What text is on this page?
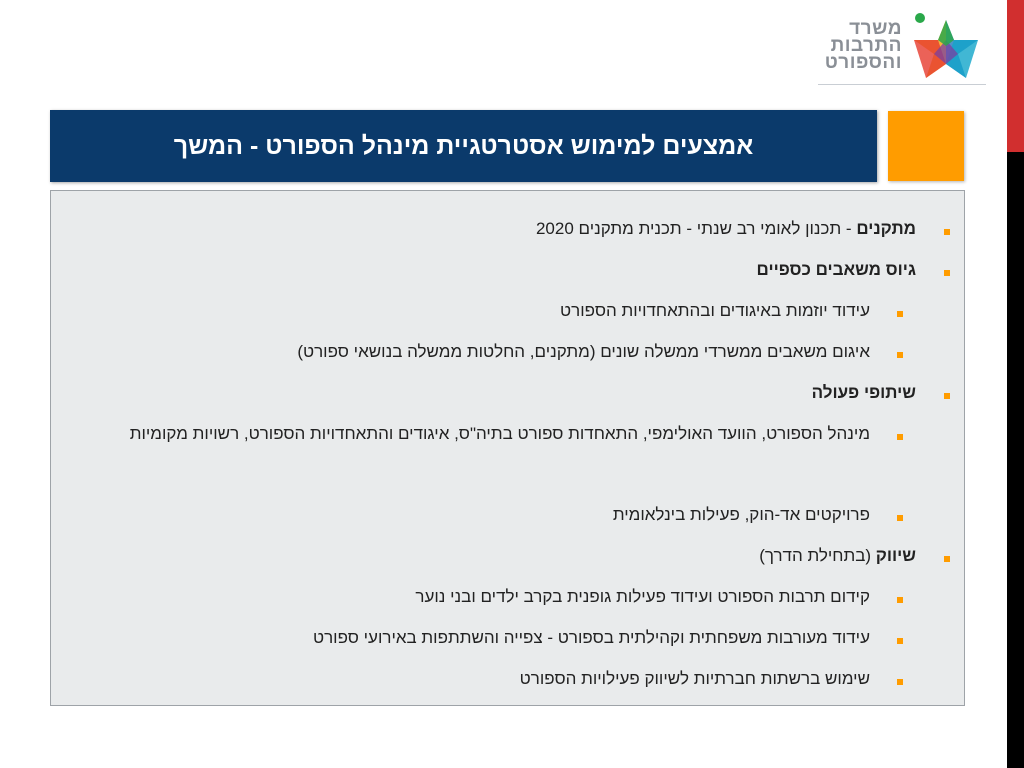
משרד
התרבות
והספורט
אמצעים למימוש אסטרטגיית מינהל הספורט - המשך
מתקנים - תכנון לאומי רב שנתי - תכנית מתקנים 2020
גיוס משאבים כספיים
עידוד יוזמות באיגודים ובהתאחדויות הספורט
איגום משאבים ממשרדי ממשלה שונים (מתקנים, החלטות ממשלה בנושאי ספורט)
שיתופי פעולה
מינהל הספורט, הוועד האולימפי, התאחדות ספורט בתיה"ס, איגודים והתאחדויות הספורט, רשויות מקומיות
פרויקטים אד-הוק, פעילות בינלאומית
שיווק (בתחילת הדרך)
קידום תרבות הספורט ועידוד פעילות גופנית בקרב ילדים ובני נוער
עידוד מעורבות משפחתית וקהילתית בספורט - צפייה והשתתפות באירועי ספורט
שימוש ברשתות חברתיות לשיווק פעילויות הספורט
